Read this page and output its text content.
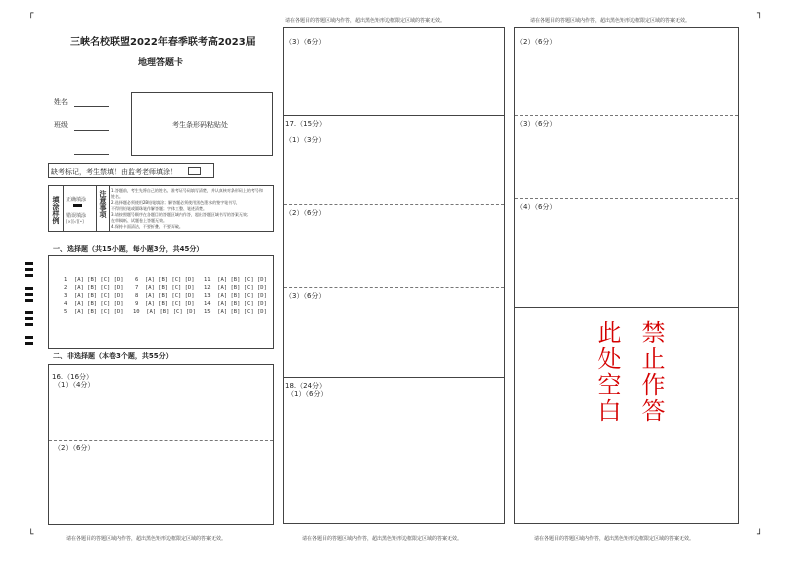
┌	┐
└	┘
三峡名校联盟2022年春季联考高2023届
地理答题卡
姓名
班级	考生条形码粘贴处
缺考标记，考生禁填！由监考老师填涂！
填涂样例 正确填涂
错误填涂
[×][√][•]
注意事项 1.答题前，考生先将自己的姓名、准考证号码填写清楚，并认真核对条形码上的考号和
姓名。
2.选择题必须使用2B铅笔填涂；解答题必须使用黑色墨水的签字笔书写，
不得用铅笔或圆珠笔作解答题；字体工整、笔迹清楚。
3.请按照题号顺序在各题目的答题区域内作答，超出答题区域书写的答案无效；
在草稿纸、试题卷上答题无效。
4.保持卡面清洁，不要折叠、不要弄破。
一、选择题（共15小题，每小题3分，共45分）
1 [A] [B] [C] [D]
2 [A] [B] [C] [D]
3 [A] [B] [C] [D]
4 [A] [B] [C] [D]
5 [A] [B] [C] [D]
6 [A] [B] [C] [D]
7 [A] [B] [C] [D]
8 [A] [B] [C] [D]
9 [A] [B] [C] [D]
10 [A] [B] [C] [D]
11 [A] [B] [C] [D]
12 [A] [B] [C] [D]
13 [A] [B] [C] [D]
14 [A] [B] [C] [D]
15 [A] [B] [C] [D]
二、非选择题（本卷3个题，共55分）
16.（16分）
（1）（4分）
（2）（6分）
请在各题目的答题区域内作答，超出黑色矩形边框限定区域的答案无效。
请在各题目的答题区域内作答，超出黑色矩形边框限定区域的答案无效。
（3）（6分）
17.（15分）
（1）（3分）
（2）（6分）
（3）（6分）
18.（24分）
（1）（6分）
请在各题目的答题区域内作答，超出黑色矩形边框限定区域的答案无效。
请在各题目的答题区域内作答，超出黑色矩形边框限定区域的答案无效。
（2）（6分）
（3）（6分）
（4）（6分）
此处空白 禁止作答
请在各题目的答题区域内作答，超出黑色矩形边框限定区域的答案无效。
